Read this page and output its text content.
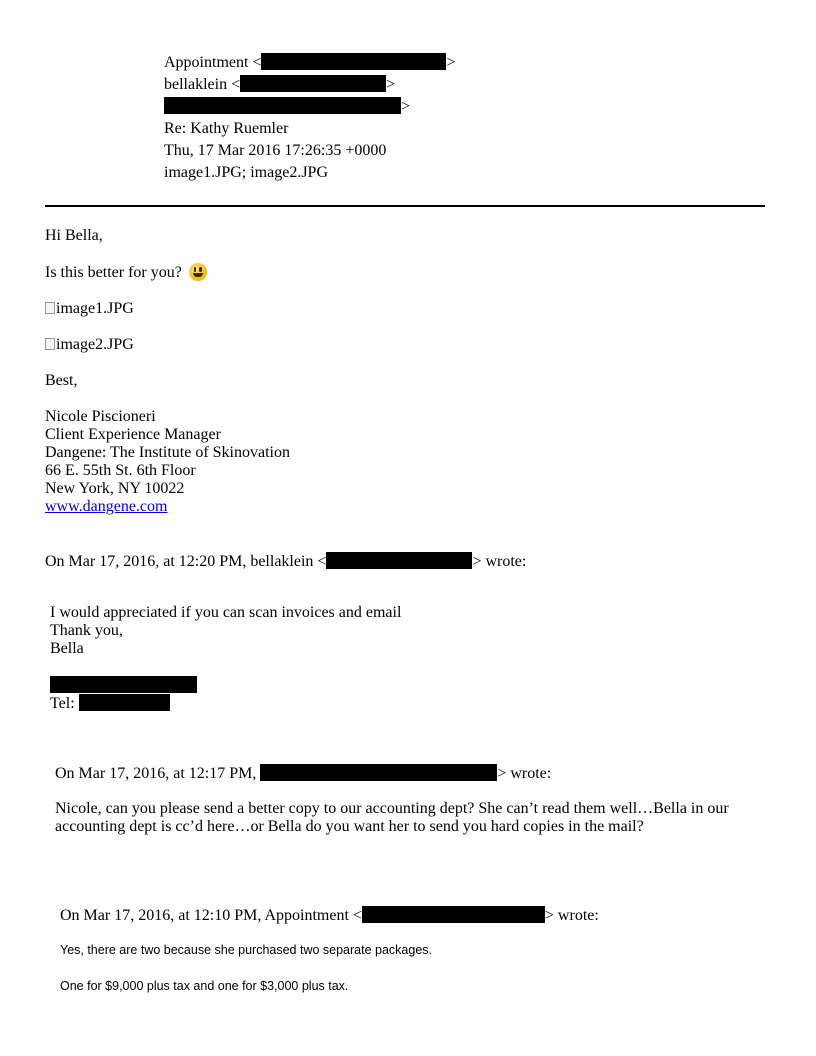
Appointment <	>
bellaklein <	>
>
Re: Kathy Ruemler
Thu, 17 Mar 2016 17:26:35 +0000
image1.JPG; image2.JPG
Hi Bella,
Is this better for you?
image1.JPG
image2.JPG
Best,
Nicole Piscioneri
Client Experience Manager
Dangene: The Institute of Skinovation
66 E. 55th St. 6th Floor
New York, NY 10022
www.dangene.com
On Mar 17, 2016, at 12:20 PM, bellaklein <	> wrote:
I would appreciated if you can scan invoices and email
Thank you,
Bella
Tel:
On Mar 17, 2016, at 12:17 PM,	> wrote:
Nicole, can you please send a better copy to our accounting dept? She can’t read them well…Bella in our
accounting dept is cc’d here…or Bella do you want her to send you hard copies in the mail?
On Mar 17, 2016, at 12:10 PM, Appointment <	> wrote:
Yes, there are two because she purchased two separate packages.
One for $9,000 plus tax and one for $3,000 plus tax.
